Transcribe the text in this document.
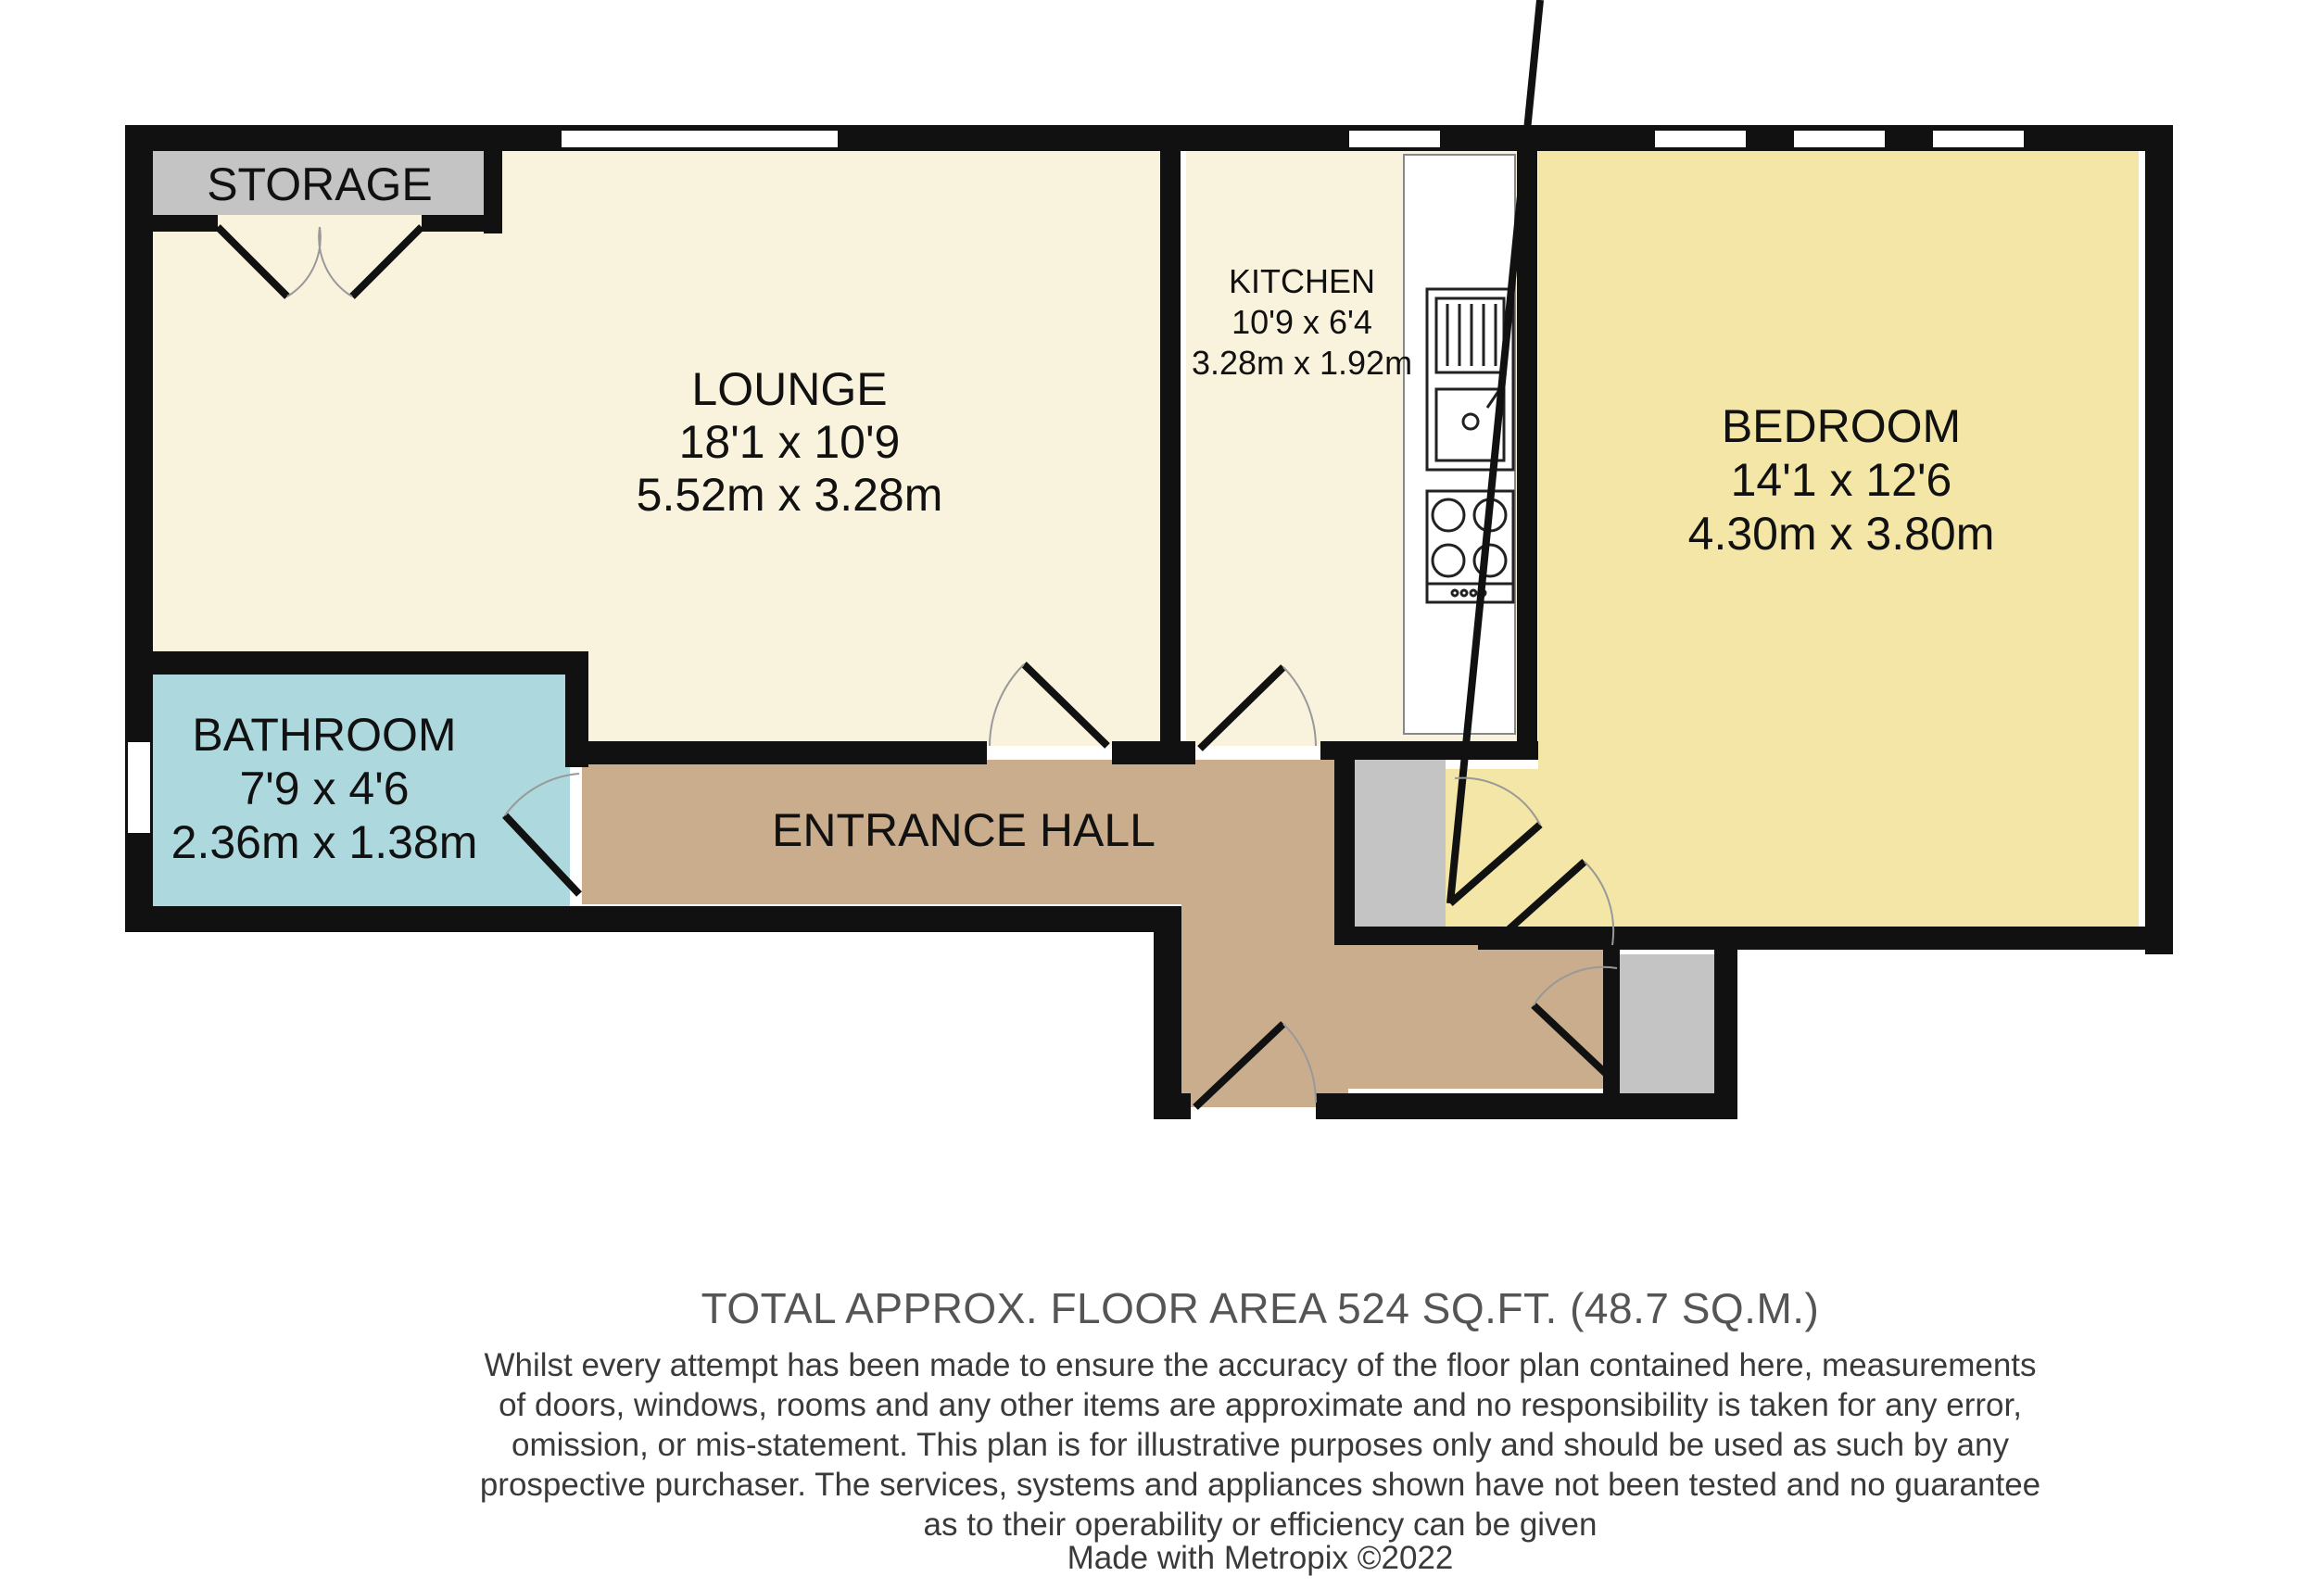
STORAGE
LOUNGE
18'1 x 10'9
5.52m x 3.28m
KITCHEN
10'9 x 6'4
3.28m x 1.92m
BEDROOM
14'1 x 12'6
4.30m x 3.80m
BATHROOM
7'9 x 4'6
2.36m x 1.38m	ENTRANCE HALL
TOTAL APPROX. FLOOR AREA 524 SQ.FT. (48.7 SQ.M.)
Whilst every attempt has been made to ensure the accuracy of the floor plan contained here, measurements
of doors, windows, rooms and any other items are approximate and no responsibility is taken for any error,
omission, or mis-statement. This plan is for illustrative purposes only and should be used as such by any
prospective purchaser. The services, systems and appliances shown have not been tested and no guarantee
as to their operability or efficiency can be given
Made with Metropix ©2022
